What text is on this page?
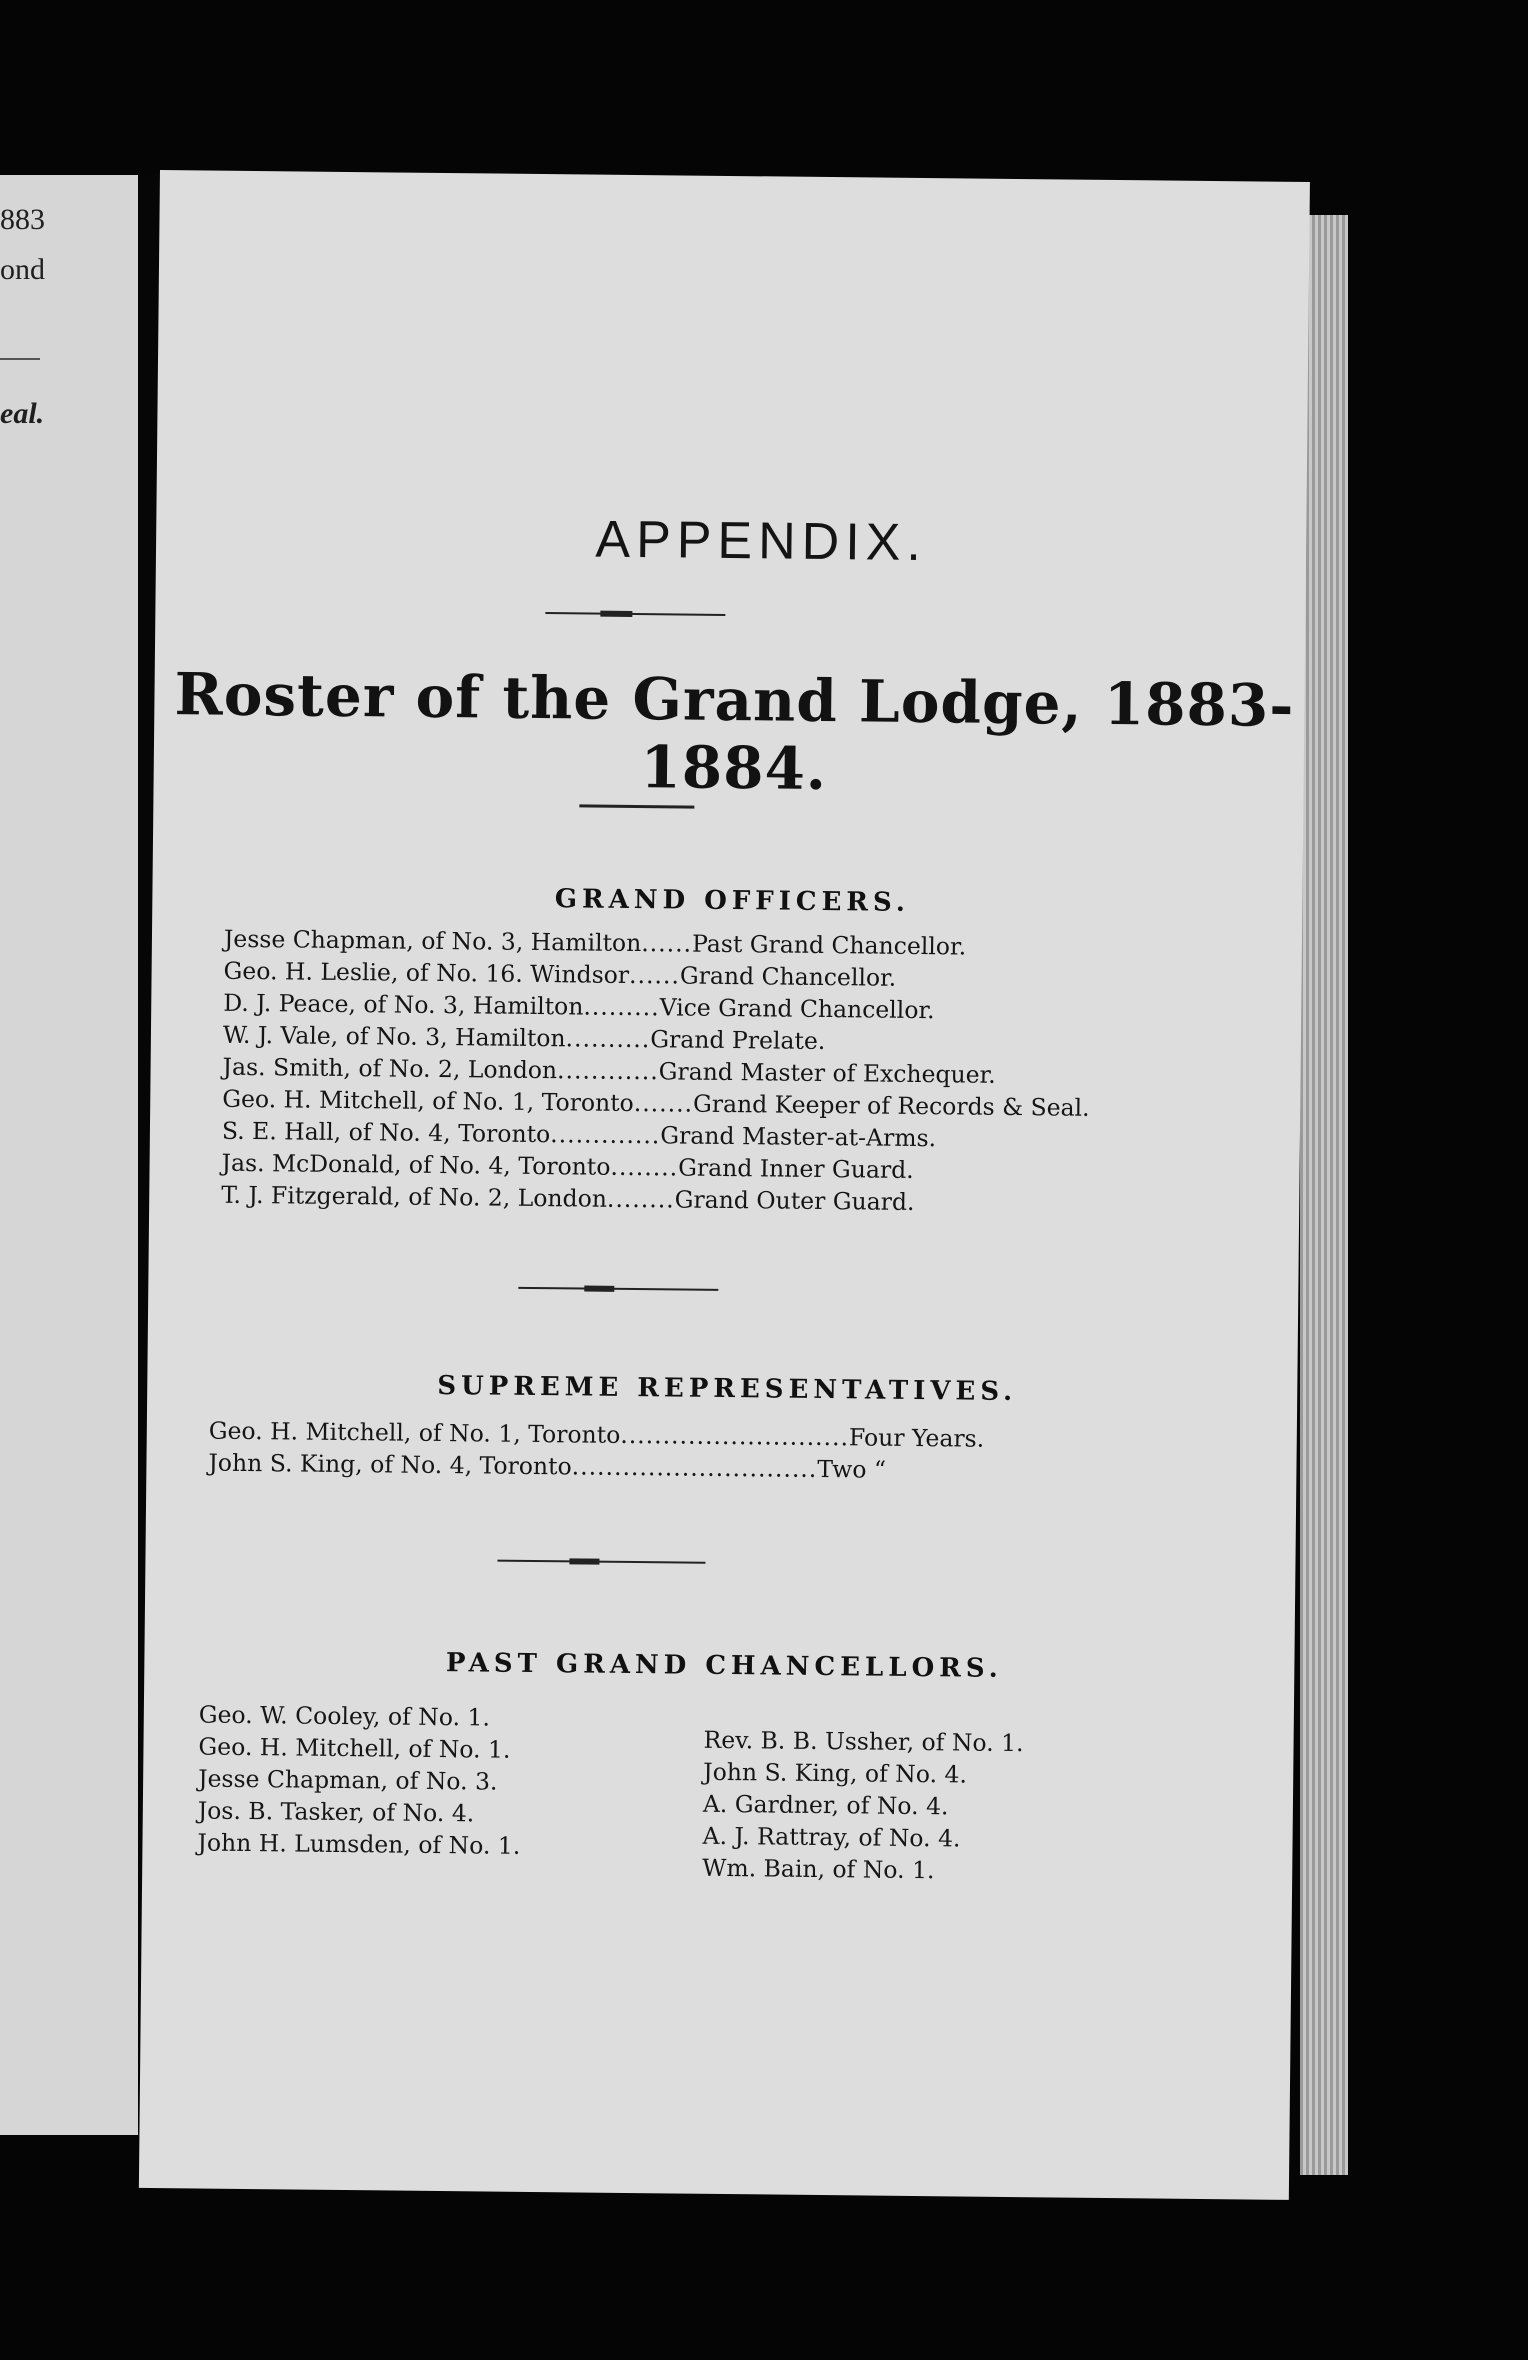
883
ond
eal.
APPENDIX.
Roster of the Grand Lodge, 1883-1884.
GRAND OFFICERS.
Jesse Chapman, of No. 3, Hamilton......Past Grand Chancellor.
Geo. H. Leslie, of No. 16. Windsor......Grand Chancellor.
D. J. Peace, of No. 3, Hamilton.........Vice Grand Chancellor.
W. J. Vale, of No. 3, Hamilton..........Grand Prelate.
Jas. Smith, of No. 2, London............Grand Master of Exchequer.
Geo. H. Mitchell, of No. 1, Toronto.......Grand Keeper of Records & Seal.
S. E. Hall, of No. 4, Toronto.............Grand Master-at-Arms.
Jas. McDonald, of No. 4, Toronto........Grand Inner Guard.
T. J. Fitzgerald, of No. 2, London........Grand Outer Guard.
SUPREME REPRESENTATIVES.
Geo. H. Mitchell, of No. 1, Toronto...........................Four Years.
John S. King, of No. 4, Toronto.............................Two “
PAST GRAND CHANCELLORS.
Geo. W. Cooley, of No. 1.
Geo. H. Mitchell, of No. 1.
Jesse Chapman, of No. 3.
Jos. B. Tasker, of No. 4.
John H. Lumsden, of No. 1.
Rev. B. B. Ussher, of No. 1.
John S. King, of No. 4.
A. Gardner, of No. 4.
A. J. Rattray, of No. 4.
Wm. Bain, of No. 1.
